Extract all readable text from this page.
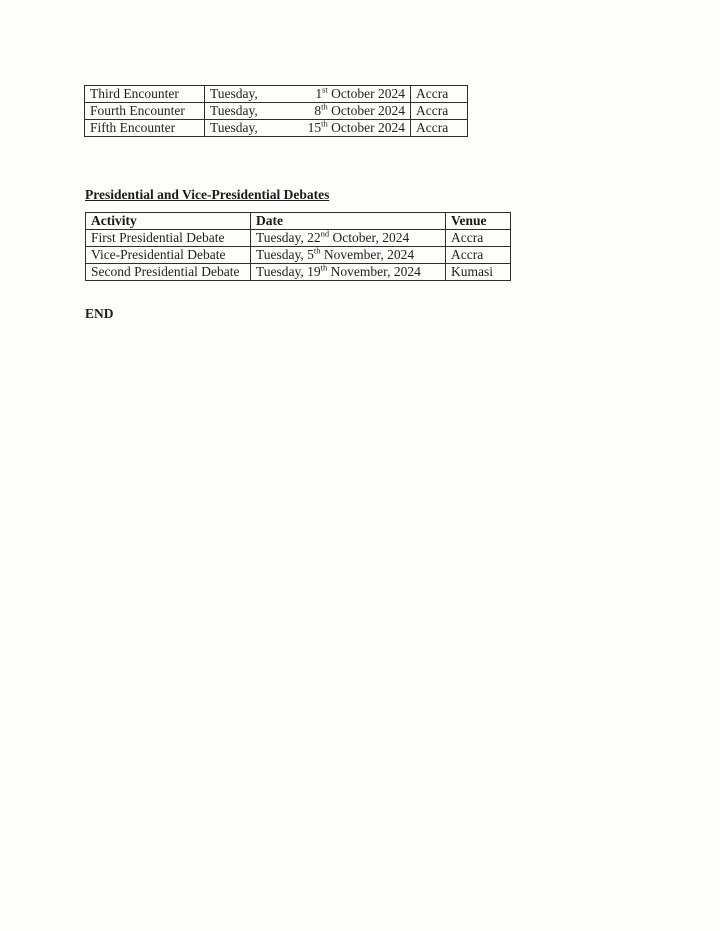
Third Encounter	Tuesday, 1st October 2024	Accra
Fourth Encounter	Tuesday, 8th October 2024	Accra
Fifth Encounter	Tuesday, 15th October 2024	Accra
Presidential and Vice-Presidential Debates
Activity	Date	Venue
First Presidential Debate	Tuesday, 22nd October, 2024	Accra
Vice-Presidential Debate	Tuesday, 5th November, 2024	Accra
Second Presidential Debate	Tuesday, 19th November, 2024	Kumasi
END
